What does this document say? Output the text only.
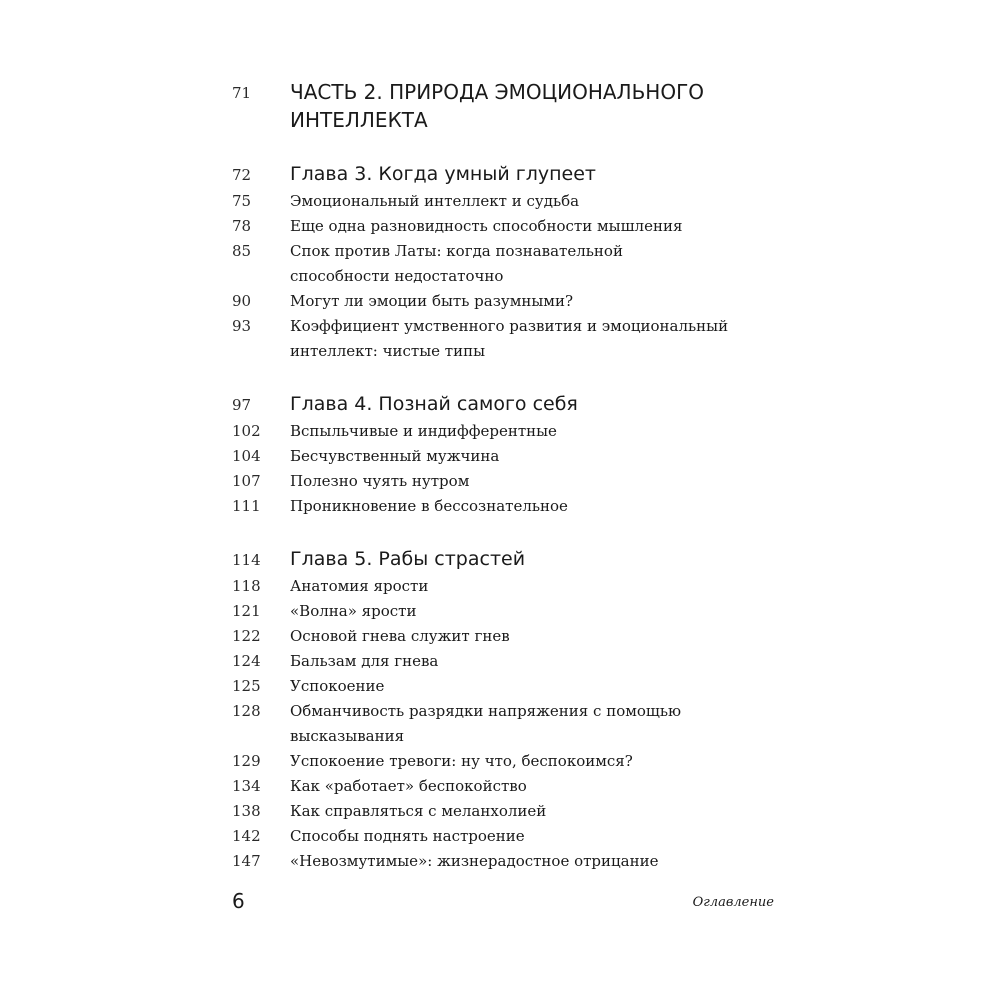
71	ЧАСТЬ 2. ПРИРОДА ЭМОЦИОНАЛЬНОГО
ИНТЕЛЛЕКТА
72	Глава 3. Когда умный глупеет
75	Эмоциональный интеллект и судьба
78	Еще одна разновидность способности мышления
85	Спок против Латы: когда познавательной
способности недостаточно
90	Могут ли эмоции быть разумными?
93	Коэффициент умственного развития и эмоциональный
интеллект: чистые типы
97	Глава 4. Познай самого себя
102	Вспыльчивые и индифферентные
104	Бесчувственный мужчина
107	Полезно чуять нутром
111	Проникновение в бессознательное
114	Глава 5. Рабы страстей
118	Анатомия ярости
121	«Волна» ярости
122	Основой гнева служит гнев
124	Бальзам для гнева
125	Успокоение
128	Обманчивость разрядки напряжения с помощью
высказывания
129	Успокоение тревоги: ну что, беспокоимся?
134	Как «работает» беспокойство
138	Как справляться с меланхолией
142	Способы поднять настроение
147	«Невозмутимые»: жизнерадостное отрицание
6	Оглавление
